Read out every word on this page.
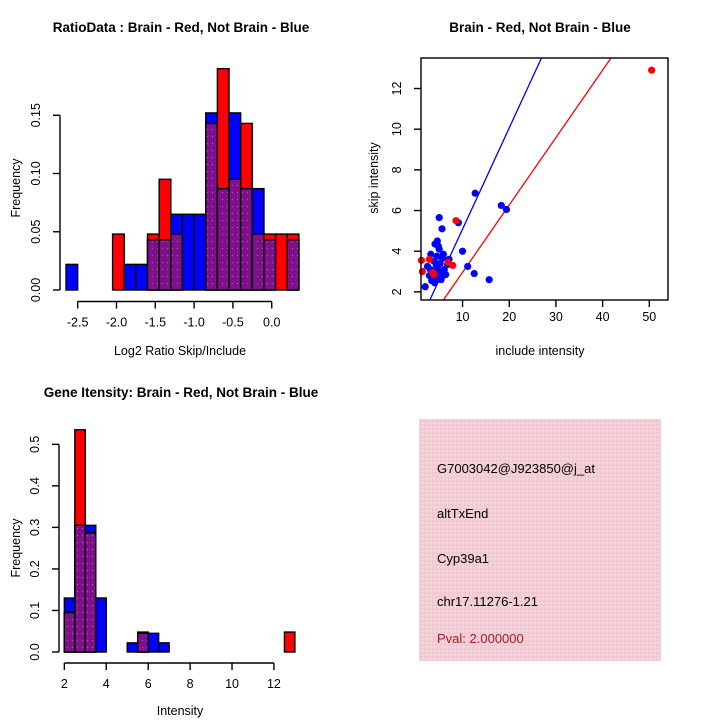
-2.5 -2.0 -1.5 -1.0 -0.5 0.0
0.00
0.05
0.10
0.15
10	20	30	40	50
2
4
6
8
10
12
2	4	6	8	10 12
0.0
0.1
0.2
0.3
0.4
0.5
RatioData : Brain - Red, Not Brain - Blue	Brain - Red, Not Brain - Blue
Gene Itensity: Brain - Red, Not Brain - Blue
Log2 Ratio Skip/Include	include intensity
Intensity
Frequency	skip intensity
Frequency
G7003042@J923850@j_at
altTxEnd
Cyp39a1
chr17.11276-1.21
Pval: 2.000000
